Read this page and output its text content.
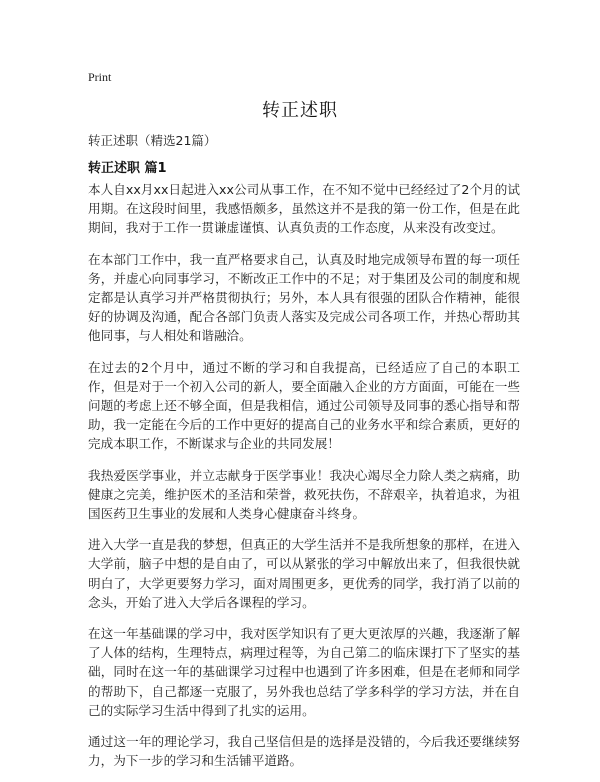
Print
转正述职
转正述职（精选21篇）
转正述职 篇1

本人自xx月xx日起进入xx公司从事工作，在不知不觉中已经经过了2个月的试用期。在这段时间里，我感悟颇多，虽然这并不是我的第一份工作，但是在此期间，我对于工作一贯谦虚谨慎、认真负责的工作态度，从来没有改变过。

在本部门工作中，我一直严格要求自己，认真及时地完成领导布置的每一项任务，并虚心向同事学习，不断改正工作中的不足；对于集团及公司的制度和规定都是认真学习并严格贯彻执行；另外，本人具有很强的团队合作精神，能很好的协调及沟通，配合各部门负责人落实及完成公司各项工作，并热心帮助其他同事，与人相处和谐融洽。

在过去的2个月中，通过不断的学习和自我提高，已经适应了自己的本职工作，但是对于一个初入公司的新人，要全面融入企业的方方面面，可能在一些问题的考虑上还不够全面，但是我相信，通过公司领导及同事的悉心指导和帮助，我一定能在今后的工作中更好的提高自己的业务水平和综合素质，更好的完成本职工作，不断谋求与企业的共同发展！

我热爱医学事业，并立志献身于医学事业！我决心竭尽全力除人类之病痛，助健康之完美，维护医术的圣洁和荣誉，救死扶伤，不辞艰辛，执着追求，为祖国医药卫生事业的发展和人类身心健康奋斗终身。

进入大学一直是我的梦想，但真正的大学生活并不是我所想象的那样，在进入大学前，脑子中想的是自由了，可以从紧张的学习中解放出来了，但我很快就明白了，大学更要努力学习，面对周围更多，更优秀的同学，我打消了以前的念头，开始了进入大学后各课程的学习。

在这一年基础课的学习中，我对医学知识有了更大更浓厚的兴趣，我逐渐了解了人体的结构，生理特点，病理过程等，为自己第二的临床课打下了坚实的基础，同时在这一年的基础课学习过程中也遇到了许多困难，但是在老师和同学的帮助下，自己都逐一克服了，另外我也总结了学多科学的学习方法，并在自己的实际学习生活中得到了扎实的运用。

通过这一年的理论学习，我自己坚信但是的选择是没错的，今后我还要继续努力，为下一步的学习和生活铺平道路。
